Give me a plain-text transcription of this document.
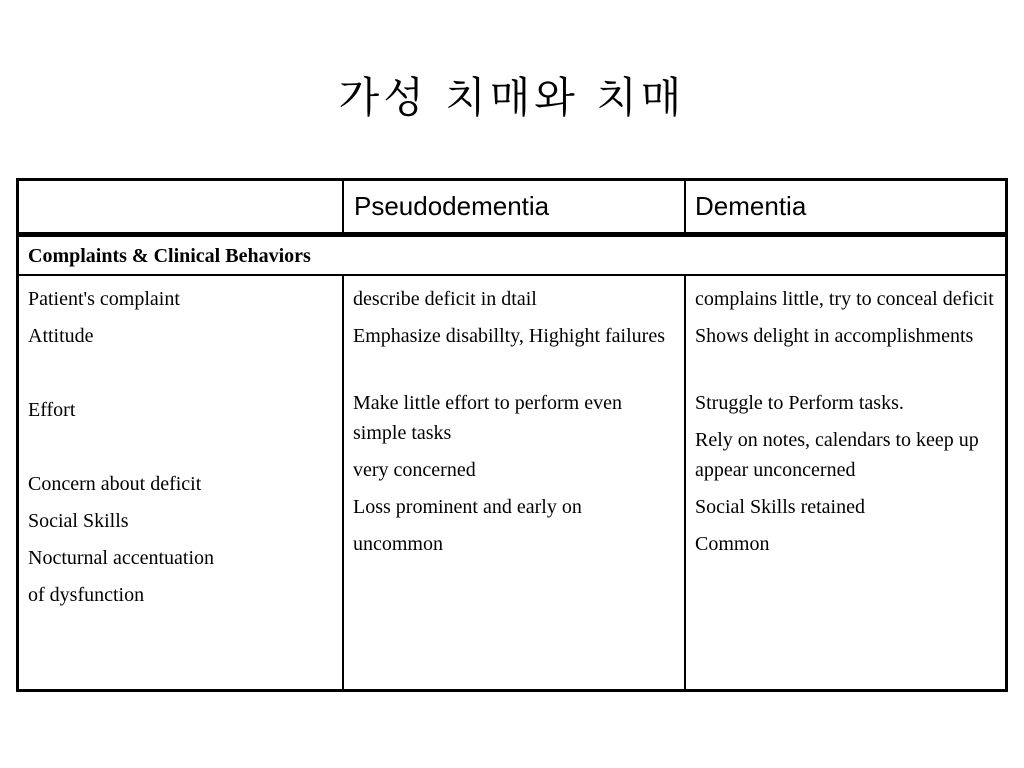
가성 치매와 치매
Pseudodementia	Dementia
Complaints & Clinical Behaviors
Patient's complaint
Attitude
Effort
Concern about deficit
Social Skills
Nocturnal accentuation
of dysfunction
describe deficit in dtail
Emphasize disabillty, Highight failures
Make little effort to perform even simple tasks
very concerned
Loss prominent and early on
uncommon
complains little, try to conceal deficit
Shows delight in accomplishments
Struggle to Perform tasks.
Rely on notes, calendars to keep up appear unconcerned
Social Skills retained
Common
